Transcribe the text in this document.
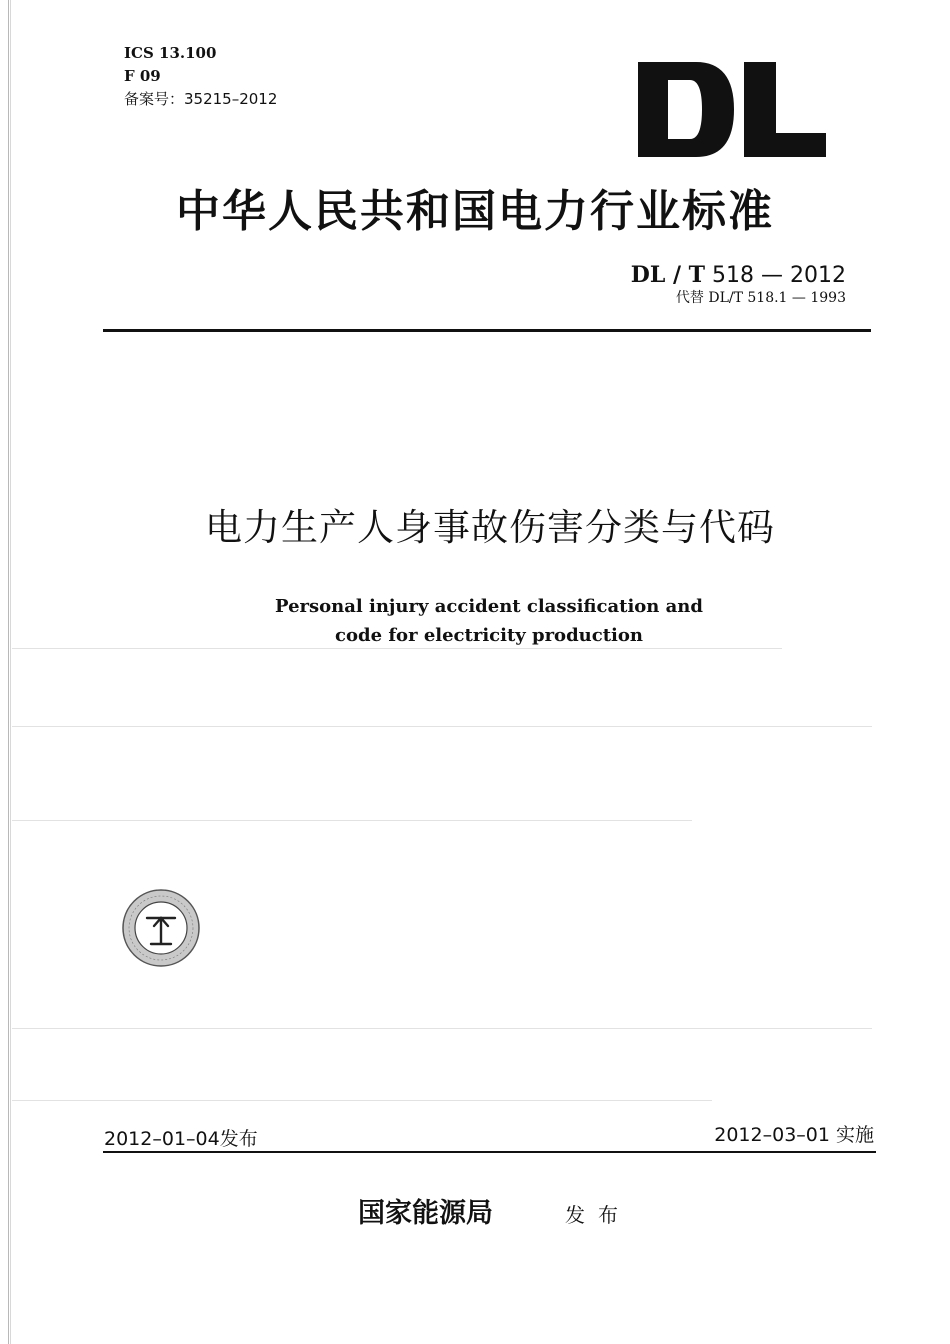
ICS 13.100
F 09
备案号：35215–2012
中华人民共和国电力行业标准
DL / T 518 — 2012
代替 DL/T 518.1 — 1993
电力生产人身事故伤害分类与代码
Personal injury accident classification and
code for electricity production
2012–01–04发布	2012–03–01 实施
国家能源局	发布
